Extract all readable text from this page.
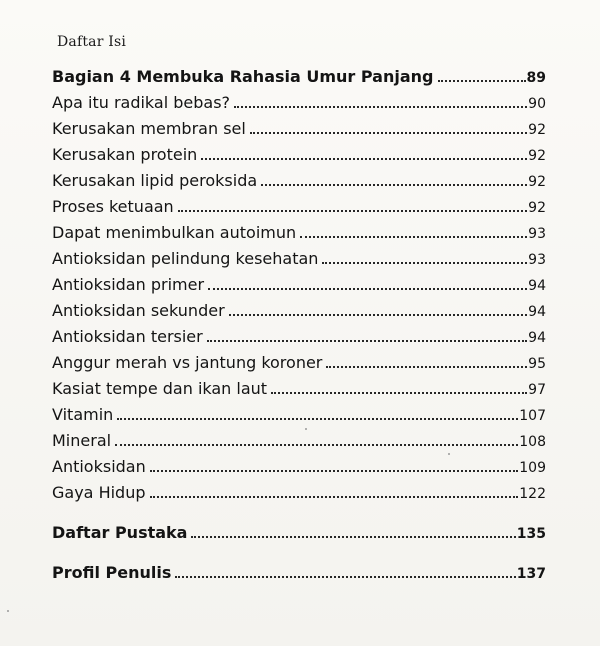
Daftar Isi
Bagian 4 Membuka Rahasia Umur Panjang	89
Apa itu radikal bebas?	90
Kerusakan membran sel	92
Kerusakan protein	92
Kerusakan lipid peroksida	92
Proses ketuaan	92
Dapat menimbulkan autoimun	93
Antioksidan pelindung kesehatan	93
Antioksidan primer	94
Antioksidan sekunder	94
Antioksidan tersier	94
Anggur merah vs jantung koroner	95
Kasiat tempe dan ikan laut	97
Vitamin	107
Mineral	108
Antioksidan	109
Gaya Hidup	122
Daftar Pustaka	135
Profil Penulis	137
